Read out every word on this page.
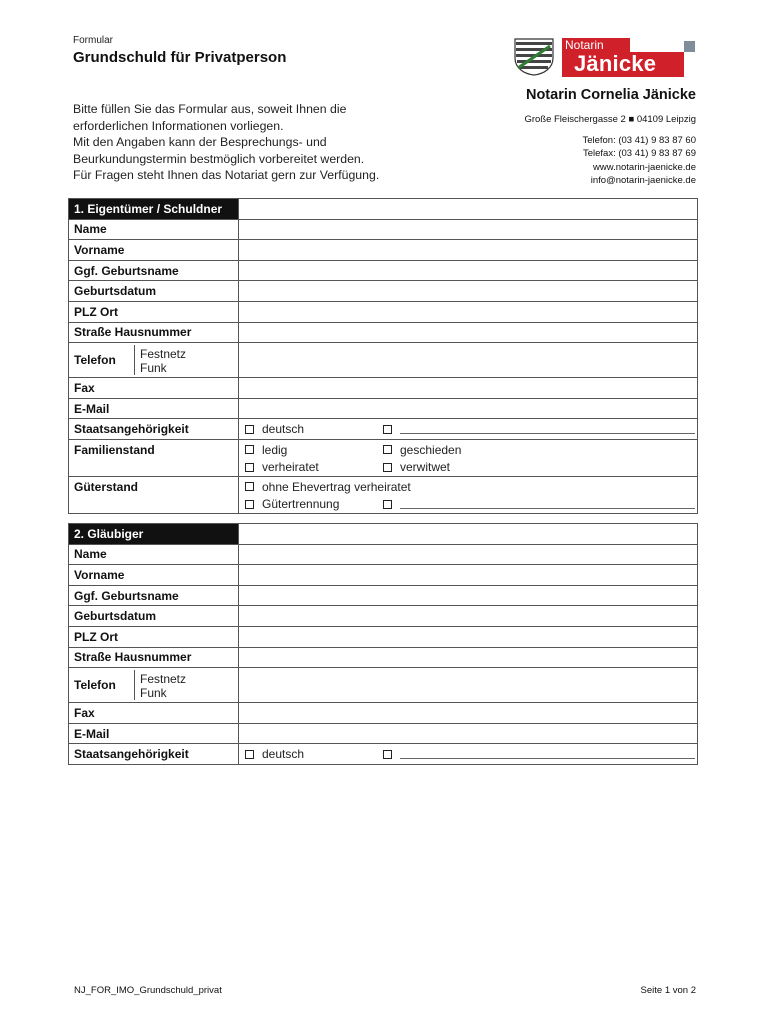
Formular
Grundschuld für Privatperson
Bitte füllen Sie das Formular aus, soweit Ihnen die
erforderlichen Informationen vorliegen.
Mit den Angaben kann der Besprechungs- und
Beurkundungstermin bestmöglich vorbereitet werden.
Für Fragen steht Ihnen das Notariat gern zur Verfügung.
Notarin
Jänicke
Notarin Cornelia Jänicke
Große Fleischergasse 2 ■ 04109 Leipzig
Telefon: (03 41) 9 83 87 60
Telefax: (03 41) 9 83 87 69
www.notarin-jaenicke.de
info@notarin-jaenicke.de
1. Eigentümer / Schuldner	
Name	
Vorname	
Ggf. Geburtsname	
Geburtsdatum	
PLZ Ort	
Straße Hausnummer	

Telefon Festnetz
Funk	

Fax	
E-Mail	
Staatsangehörigkeit	deutsch

Familienstand	ledig geschieden
verheiratet verwitwet

Güterstand	ohne Ehevertrag verheiratet
Gütertrennung
2. Gläubiger	
Name	
Vorname	
Ggf. Geburtsname	
Geburtsdatum	
PLZ Ort	
Straße Hausnummer	

Telefon Festnetz
Funk	

Fax	
E-Mail	
Staatsangehörigkeit	deutsch
NJ_FOR_IMO_Grundschuld_privat	Seite 1 von 2
